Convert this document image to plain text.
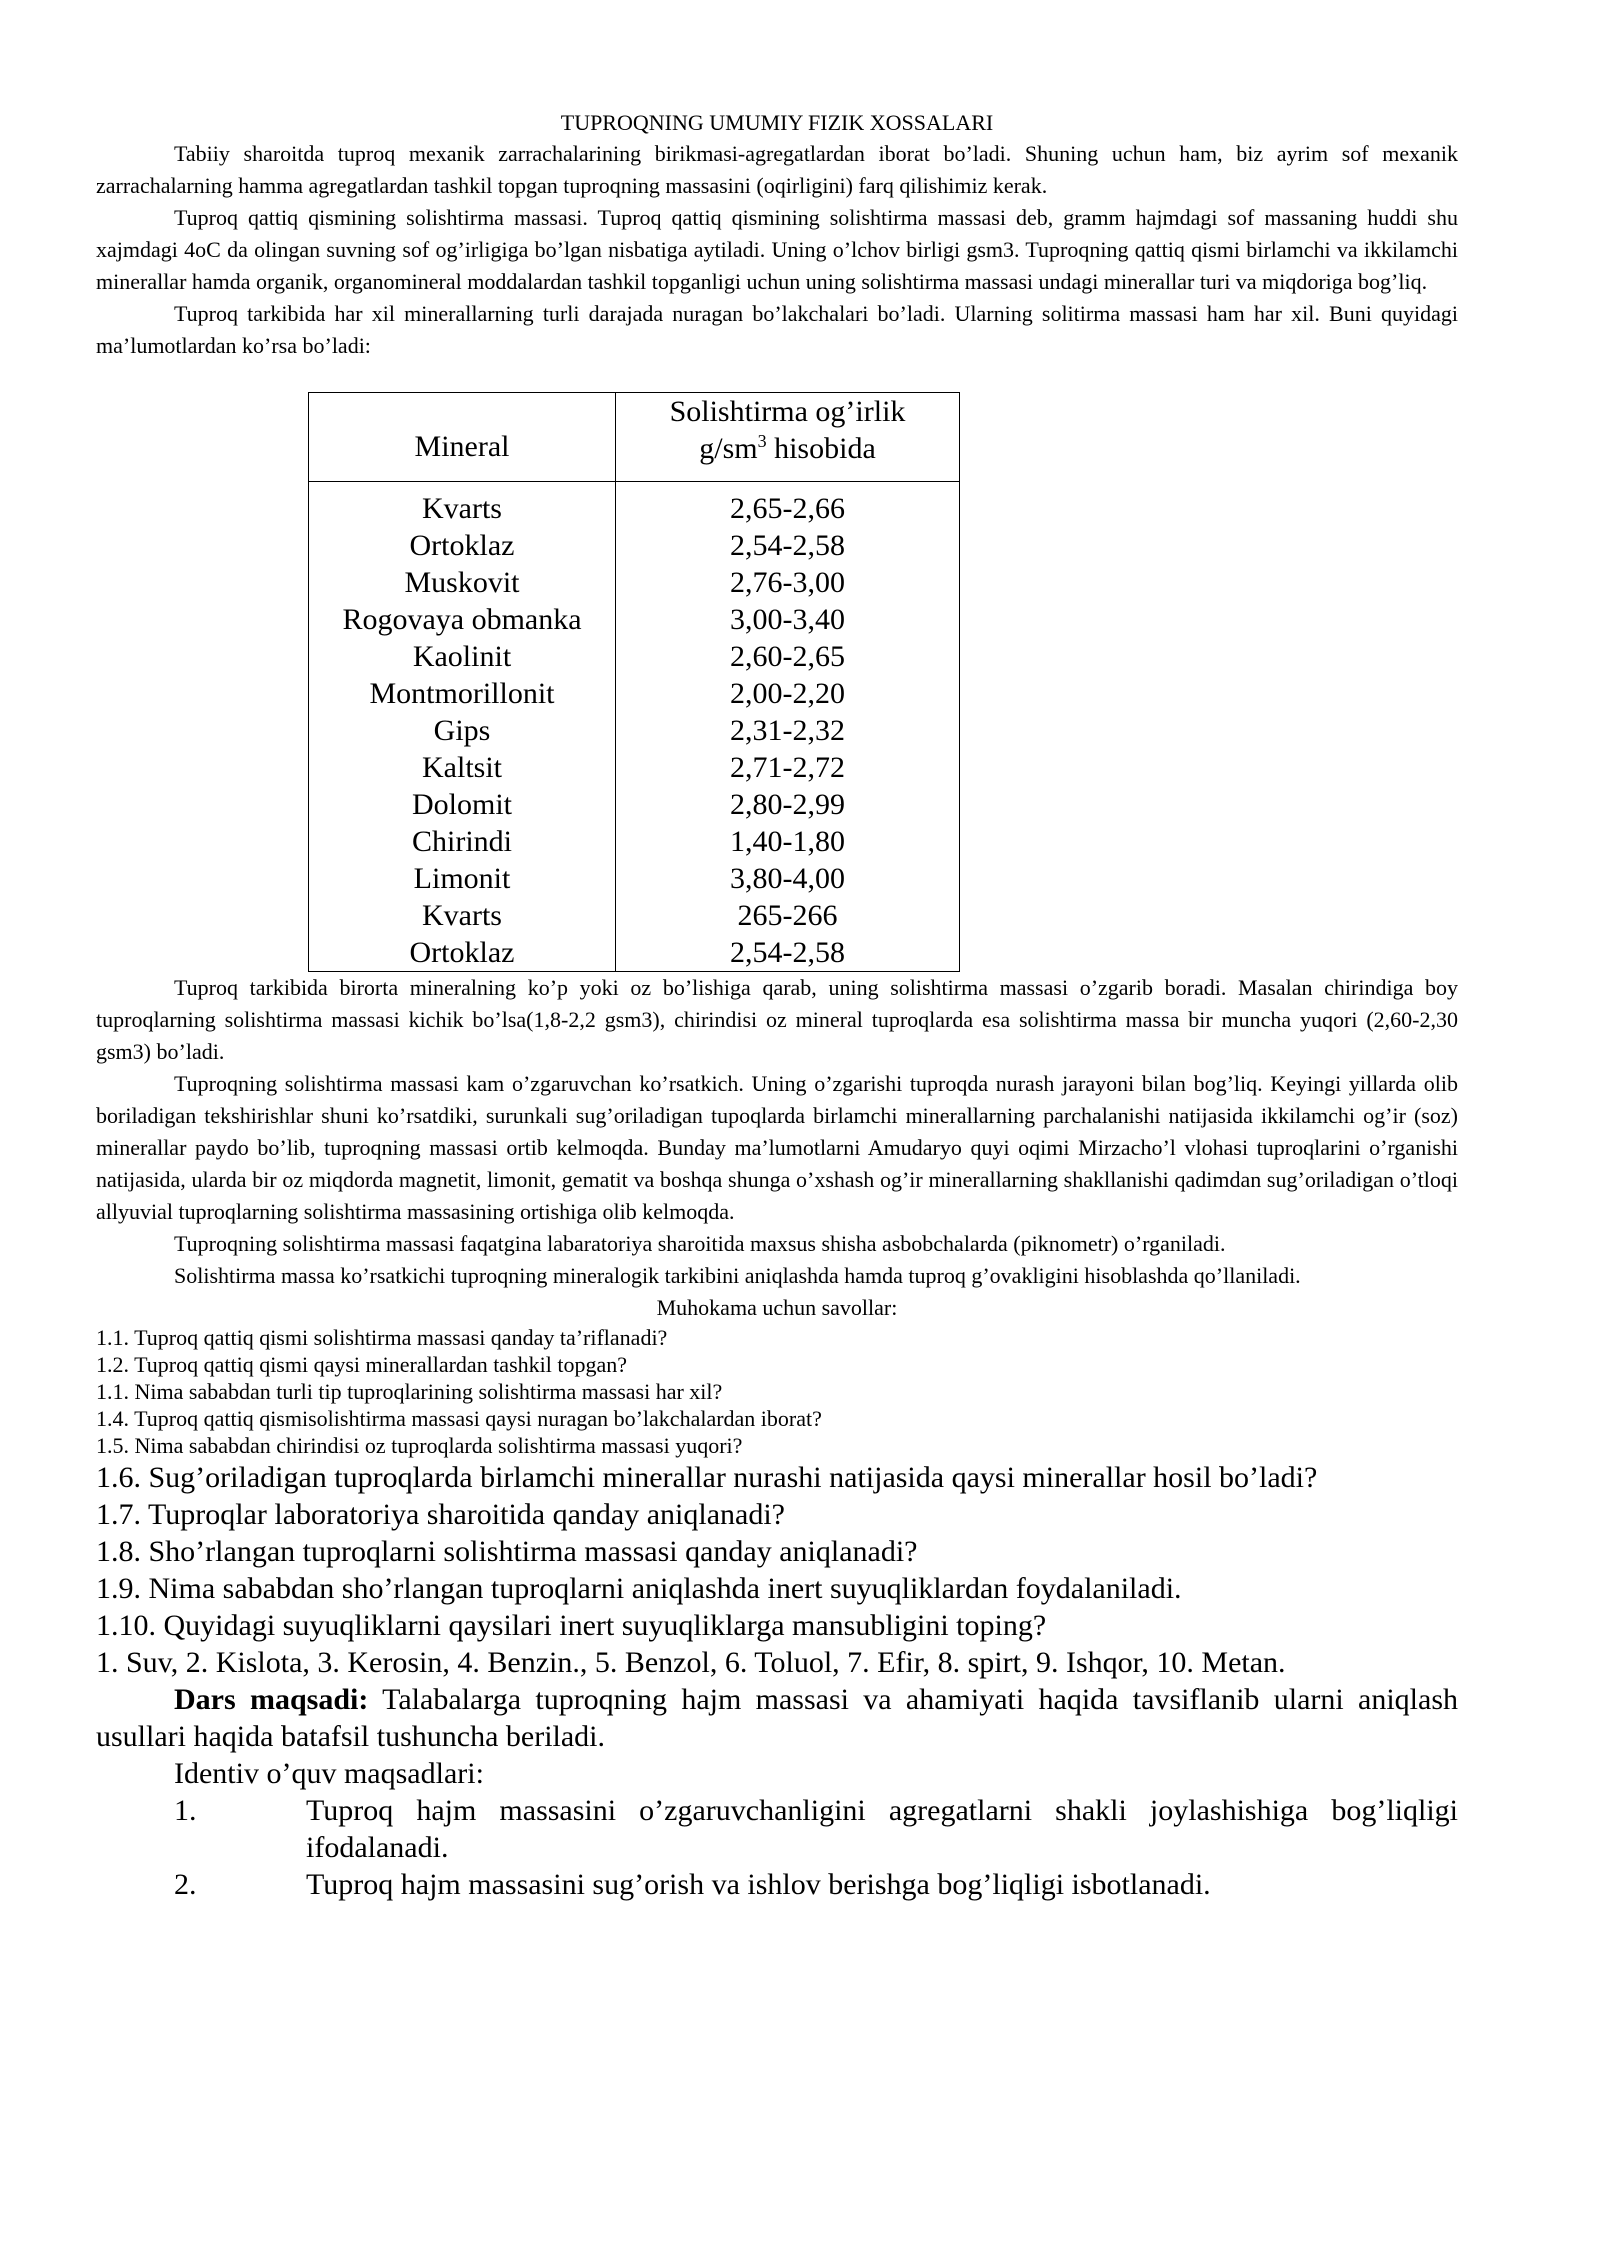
TUPROQNING UMUMIY FIZIK XOSSALARI

Tabiiy sharoitda tuproq mexanik zarrachalarining birikmasi-agregatlardan iborat bo’ladi. Shuning uchun ham, biz ayrim sof mexanik zarrachalarning hamma agregatlardan tashkil topgan tuproqning massasini (oqirligini) farq qilishimiz kerak.

Tuproq qattiq qismining solishtirma massasi. Tuproq qattiq qismining solishtirma massasi deb, gramm hajmdagi sof massaning huddi shu xajmdagi 4oC da olingan suvning sof og’irligiga bo’lgan nisbatiga aytiladi. Uning o’lchov birligi gsm3. Tuproqning qattiq qismi birlamchi va ikkilamchi minerallar hamda organik, organomineral moddalardan tashkil topganligi uchun uning solishtirma massasi undagi minerallar turi va miqdoriga bog’liq.

Tuproq tarkibida har xil minerallarning turli darajada nuragan bo’lakchalari bo’ladi. Ularning solitirma massasi ham har xil. Buni quyidagi ma’lumotlardan ko’rsa bo’ladi:

Mineral	Solishtirma og’irlik
$g/sm^3$ hisobida

Kvarts	2,65-2,66
Ortoklaz	2,54-2,58
Muskovit	2,76-3,00
Rogovaya obmanka	3,00-3,40
Kaolinit	2,60-2,65
Montmorillonit	2,00-2,20
Gips	2,31-2,32
Kaltsit	2,71-2,72
Dolomit	2,80-2,99
Chirindi	1,40-1,80
Limonit	3,80-4,00
Kvarts	265-266
Ortoklaz	2,54-2,58

Tuproq tarkibida birorta mineralning ko’p yoki oz bo’lishiga qarab, uning solishtirma massasi o’zgarib boradi. Masalan chirindiga boy tuproqlarning solishtirma massasi kichik bo’lsa(1,8-2,2 gsm3), chirindisi oz mineral tuproqlarda esa solishtirma massa bir muncha yuqori (2,60-2,30 gsm3) bo’ladi.

Tuproqning solishtirma massasi kam o’zgaruvchan ko’rsatkich. Uning o’zgarishi tuproqda nurash jarayoni bilan bog’liq. Keyingi yillarda olib boriladigan tekshirishlar shuni ko’rsatdiki, surunkali sug’oriladigan tupoqlarda birlamchi minerallarning parchalanishi natijasida ikkilamchi og’ir (soz) minerallar paydo bo’lib, tuproqning massasi ortib kelmoqda. Bunday ma’lumotlarni Amudaryo quyi oqimi Mirzacho’l vlohasi tuproqlarini o’rganishi natijasida, ularda bir oz miqdorda magnetit, limonit, gematit va boshqa shunga o’xshash og’ir minerallarning shakllanishi qadimdan sug’oriladigan o’tloqi allyuvial tuproqlarning solishtirma massasining ortishiga olib kelmoqda.

Tuproqning solishtirma massasi faqatgina labaratoriya sharoitida maxsus shisha asbobchalarda (piknometr) o’rganiladi.

Solishtirma massa ko’rsatkichi tuproqning mineralogik tarkibini aniqlashda hamda tuproq g’ovakligini hisoblashda qo’llaniladi.

Muhokama uchun savollar:

1.1. Tuproq qattiq qismi solishtirma massasi qanday ta’riflanadi?

1.2. Tuproq qattiq qismi qaysi minerallardan tashkil topgan?

1.1. Nima sababdan turli tip tuproqlarining solishtirma massasi har xil?

1.4. Tuproq qattiq qismisolishtirma massasi qaysi nuragan bo’lakchalardan iborat?

1.5. Nima sababdan chirindisi oz tuproqlarda solishtirma massasi yuqori?

1.6. Sug’oriladigan tuproqlarda birlamchi minerallar nurashi natijasida qaysi minerallar hosil bo’ladi?

1.7. Tuproqlar laboratoriya sharoitida qanday aniqlanadi?

1.8. Sho’rlangan tuproqlarni solishtirma massasi qanday aniqlanadi?

1.9. Nima sababdan sho’rlangan tuproqlarni aniqlashda inert suyuqliklardan foydalaniladi.

1.10. Quyidagi suyuqliklarni qaysilari inert suyuqliklarga mansubligini toping?

1. Suv, 2. Kislota, 3. Kerosin, 4. Benzin., 5. Benzol, 6. Toluol, 7. Efir, 8. spirt, 9. Ishqor, 10. Metan.

Dars maqsadi: Talabalarga tuproqning hajm massasi va ahamiyati haqida tavsiflanib ularni aniqlash usullari haqida batafsil tushuncha beriladi.

Identiv o’quv maqsadlari:
1.	Tuproq hajm massasini o’zgaruvchanligini agregatlarni shakli joylashishiga bog’liqligi ifodalanadi.
2.	Tuproq hajm massasini sug’orish va ishlov berishga bog’liqligi isbotlanadi.
